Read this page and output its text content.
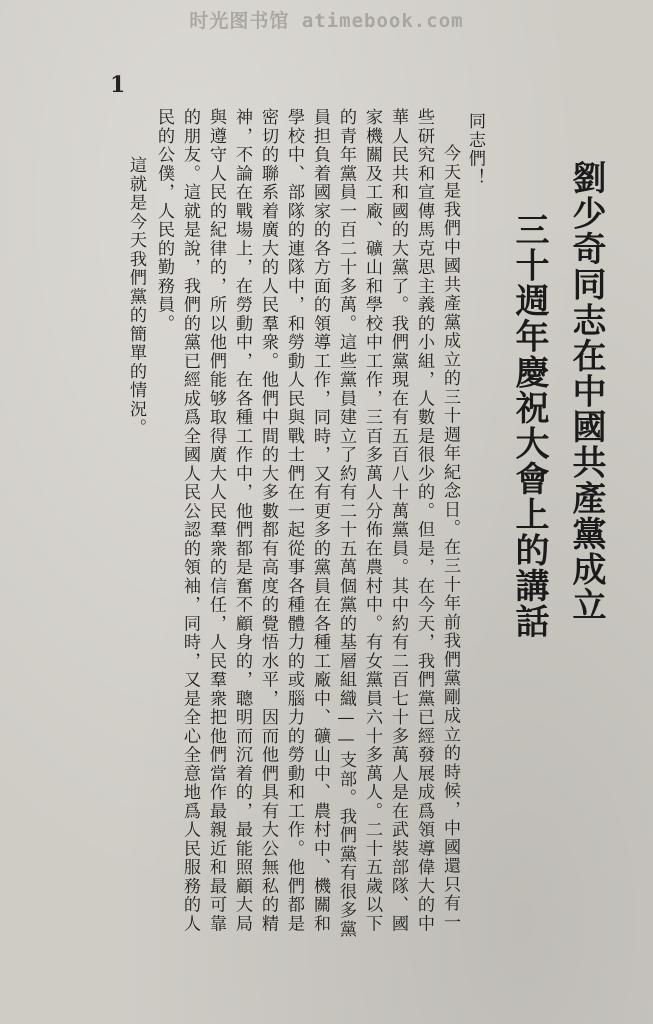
时光图书馆 atimebook.com
1
劉少奇同志在中國共產黨成立
三十週年慶祝大會上的講話
同志們！
今天是我們中國共產黨成立的三十週年紀念日。在三十年前我們黨剛成立的時候，中國還只有一
些研究和宣傳馬克思主義的小組，人數是很少的。但是，在今天，我們黨已經發展成爲領導偉大的中
華人民共和國的大黨了。我們黨現在有五百八十萬黨員。其中約有二百七十多萬人是在武裝部隊、國
家機關及工廠、礦山和學校中工作，三百多萬人分佈在農村中。有女黨員六十多萬人。二十五歲以下
的青年黨員一百二十多萬。這些黨員建立了約有二十五萬個黨的基層組織——支部。我們黨有很多黨
員担負着國家的各方面的領導工作，同時，又有更多的黨員在各種工廠中、礦山中、農村中、機關和
學校中、部隊的連隊中，和勞動人民與戰士們在一起從事各種體力的或腦力的勞動和工作。他們都是
密切的聯系着廣大的人民羣衆。他們中間的大多數都有高度的覺悟水平，因而他們具有大公無私的精
神，不論在戰場上，在勞動中，在各種工作中，他們都是奮不顧身的，聰明而沉着的，最能照顧大局
與遵守人民的紀律的，所以他們能够取得廣大人民羣衆的信任，人民羣衆把他們當作最親近和最可靠
的朋友。這就是說，我們的黨已經成爲全國人民公認的領袖，同時，又是全心全意地爲人民服務的人
民的公僕，人民的勤務員。
這就是今天我們黨的簡單的情況。
